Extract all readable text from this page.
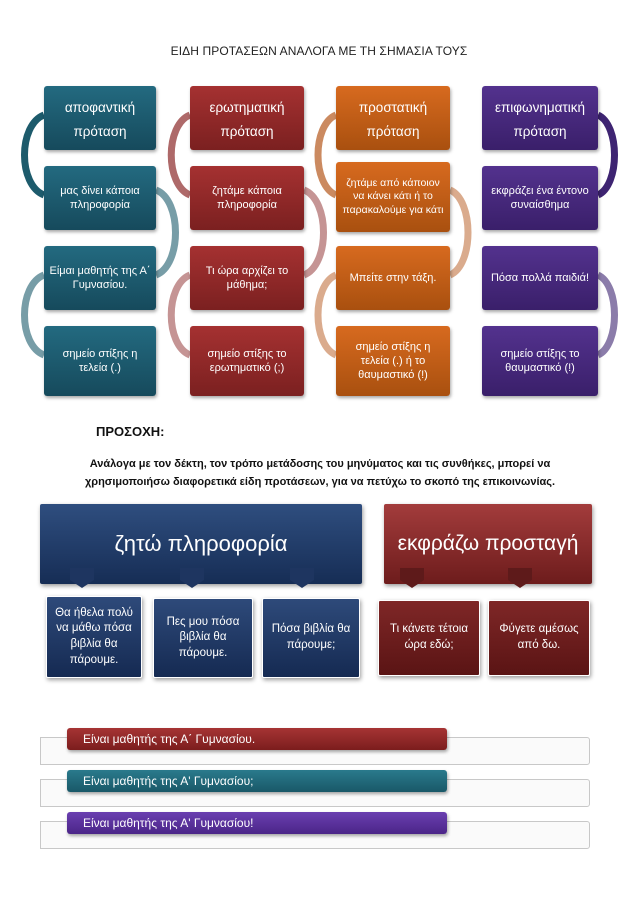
ΕΙΔΗ ΠΡΟΤΑΣΕΩΝ ΑΝΑΛΟΓΑ ΜΕ ΤΗ ΣΗΜΑΣΙΑ ΤΟΥΣ
αποφαντική πρόταση
μας δίνει κάποια πληροφορία
Είμαι μαθητής της Α΄ Γυμνασίου.
σημείο στίξης η τελεία (.)
ερωτηματική πρόταση
ζητάμε κάποια πληροφορία
Τι ώρα αρχίζει το μάθημα;
σημείο στίξης το ερωτηματικό (;)
προστατική πρόταση
ζητάμε από κάποιον να κάνει κάτι ή το παρακαλούμε για κάτι
Μπείτε στην τάξη.
σημείο στίξης η τελεία (.) ή το θαυμαστικό (!)
επιφωνηματική πρόταση
εκφράζει ένα έντονο συναίσθημα
Πόσα πολλά παιδιά!
σημείο στίξης το θαυμαστικό (!)
ΠΡΟΣΟΧΗ:
Ανάλογα με τον δέκτη, τον τρόπο μετάδοσης του μηνύματος και τις συνθήκες, μπορεί να
χρησιμοποιήσω διαφορετικά είδη προτάσεων, για να πετύχω το σκοπό της επικοινωνίας.
ζητώ πληροφορία
Θα ήθελα πολύ να μάθω πόσα βιβλία θα πάρουμε.
Πες μου πόσα βιβλία θα πάρουμε.
Πόσα βιβλία θα πάρουμε;
εκφράζω προσταγή
Τι κάνετε τέτοια ώρα εδώ;
Φύγετε αμέσως από δω.
Είναι μαθητής της Α΄ Γυμνασίου.
Είναι μαθητής της Α' Γυμνασίου;
Είναι μαθητής της Α' Γυμνασίου!
